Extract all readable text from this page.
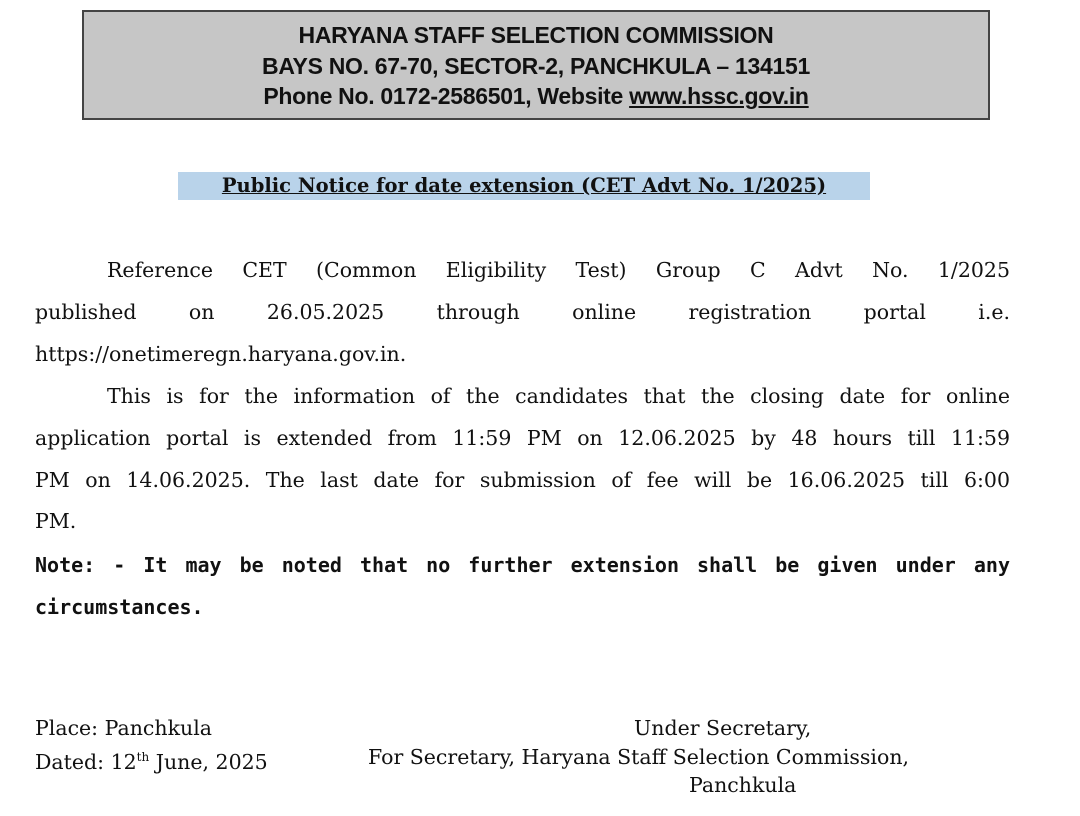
HARYANA STAFF SELECTION COMMISSION
BAYS NO. 67-70, SECTOR-2, PANCHKULA – 134151
Phone No. 0172-2586501, Website www.hssc.gov.in
Public Notice for date extension (CET Advt No. 1/2025)
Reference CET (Common Eligibility Test) Group C Advt No. 1/2025
published on 26.05.2025 through online registration portal i.e.
https://onetimeregn.haryana.gov.in.
This is for the information of the candidates that the closing date for online
application portal is extended from 11:59 PM on 12.06.2025 by 48 hours till 11:59
PM on 14.06.2025. The last date for submission of fee will be 16.06.2025 till 6:00
PM.
Note: - It may be noted that no further extension shall be given under any
circumstances.
Place: Panchkula
Dated: 12th June, 2025
Under Secretary,
For Secretary, Haryana Staff Selection Commission,
Panchkula
